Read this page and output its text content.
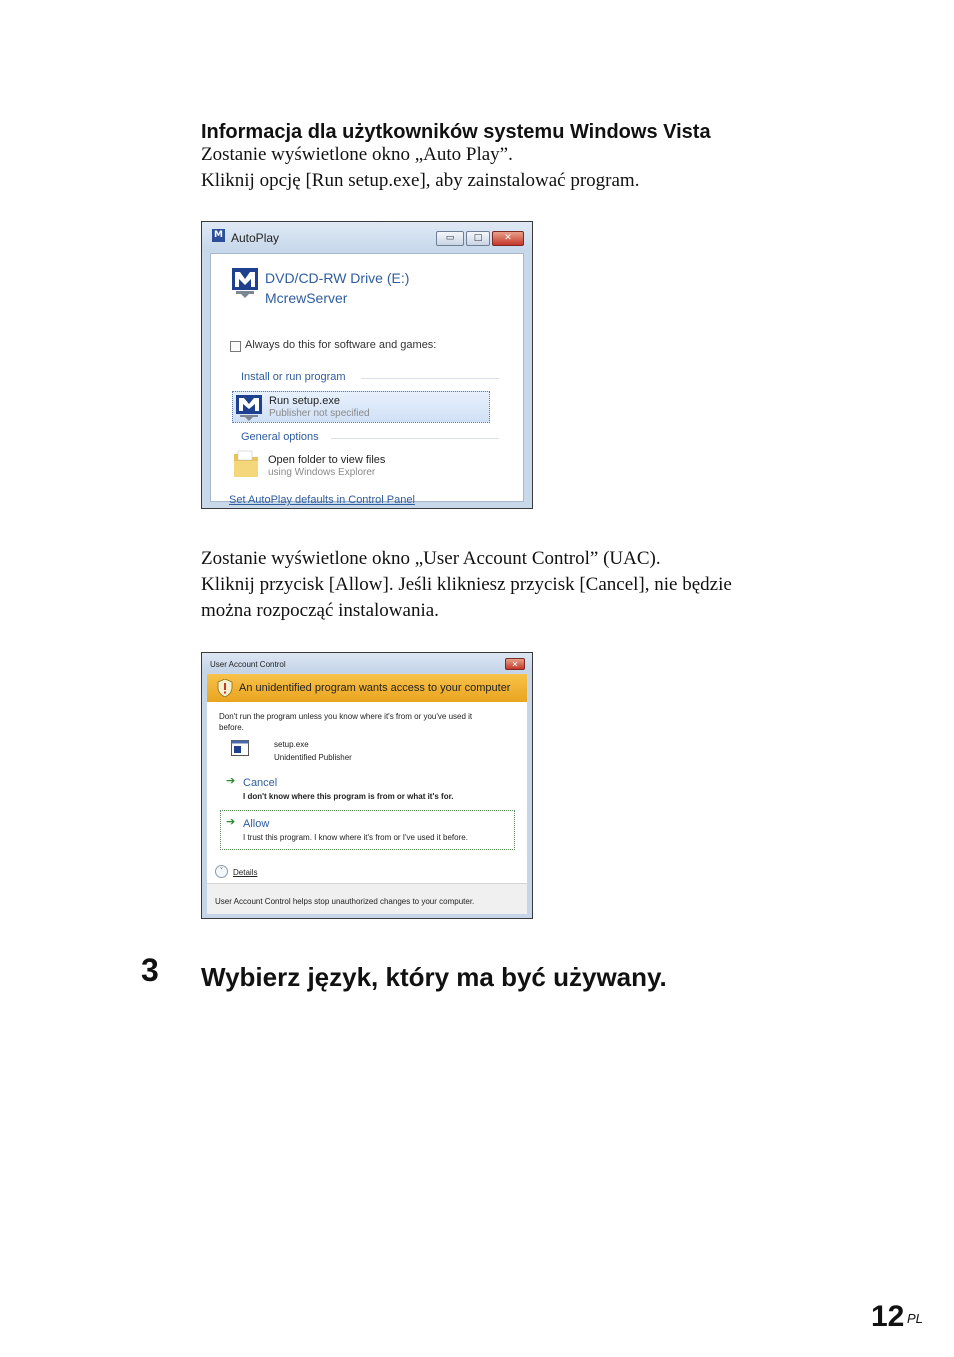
Informacja dla użytkowników systemu Windows Vista
Zostanie wyświetlone okno „Auto Play”.
Kliknij opcję [Run setup.exe], aby zainstalować program.
M AutoPlay	▭	□	✕
DVD/CD-RW Drive (E:)
McrewServer
Always do this for software and games:
Install or run program
Run setup.exe
Publisher not specified
General options
Open folder to view files
using Windows Explorer
Set AutoPlay defaults in Control Panel
Zostanie wyświetlone okno „User Account Control” (UAC).
Kliknij przycisk [Allow]. Jeśli klikniesz przycisk [Cancel], nie będzie
można rozpocząć instalowania.
User Account Control	✕
An unidentified program wants access to your computer
Don't run the program unless you know where it's from or you've used it
before.
setup.exe
Unidentified Publisher
➔ Cancel
I don't know where this program is from or what it's for.
➔ Allow
I trust this program. I know where it's from or I've used it before.
˅	Details
User Account Control helps stop unauthorized changes to your computer.
3 Wybierz język, który ma być używany.
12 PL
